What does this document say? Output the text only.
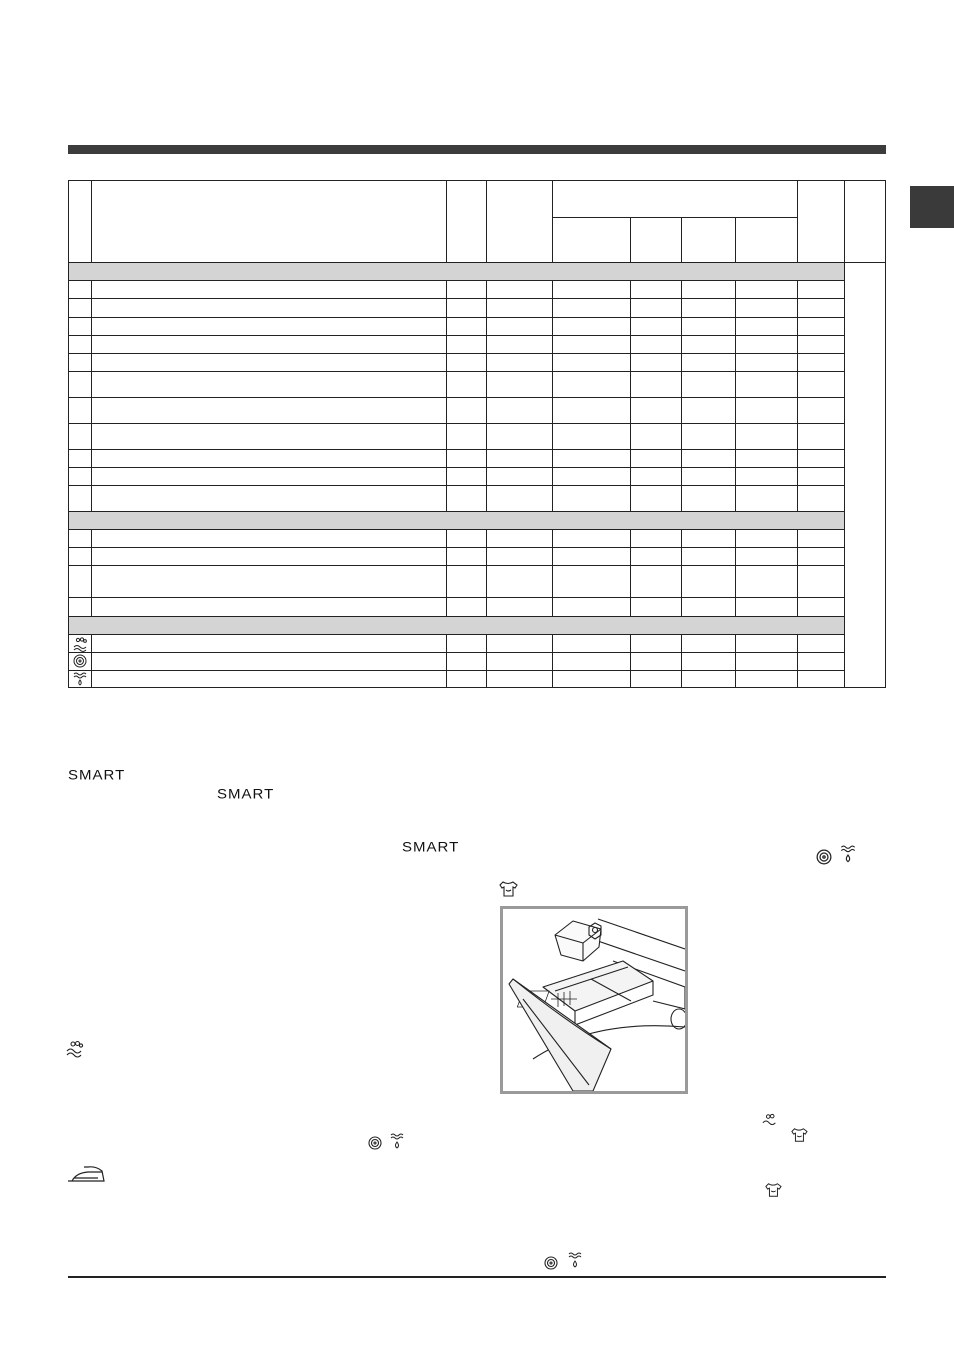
SMART
SMART
SMART
